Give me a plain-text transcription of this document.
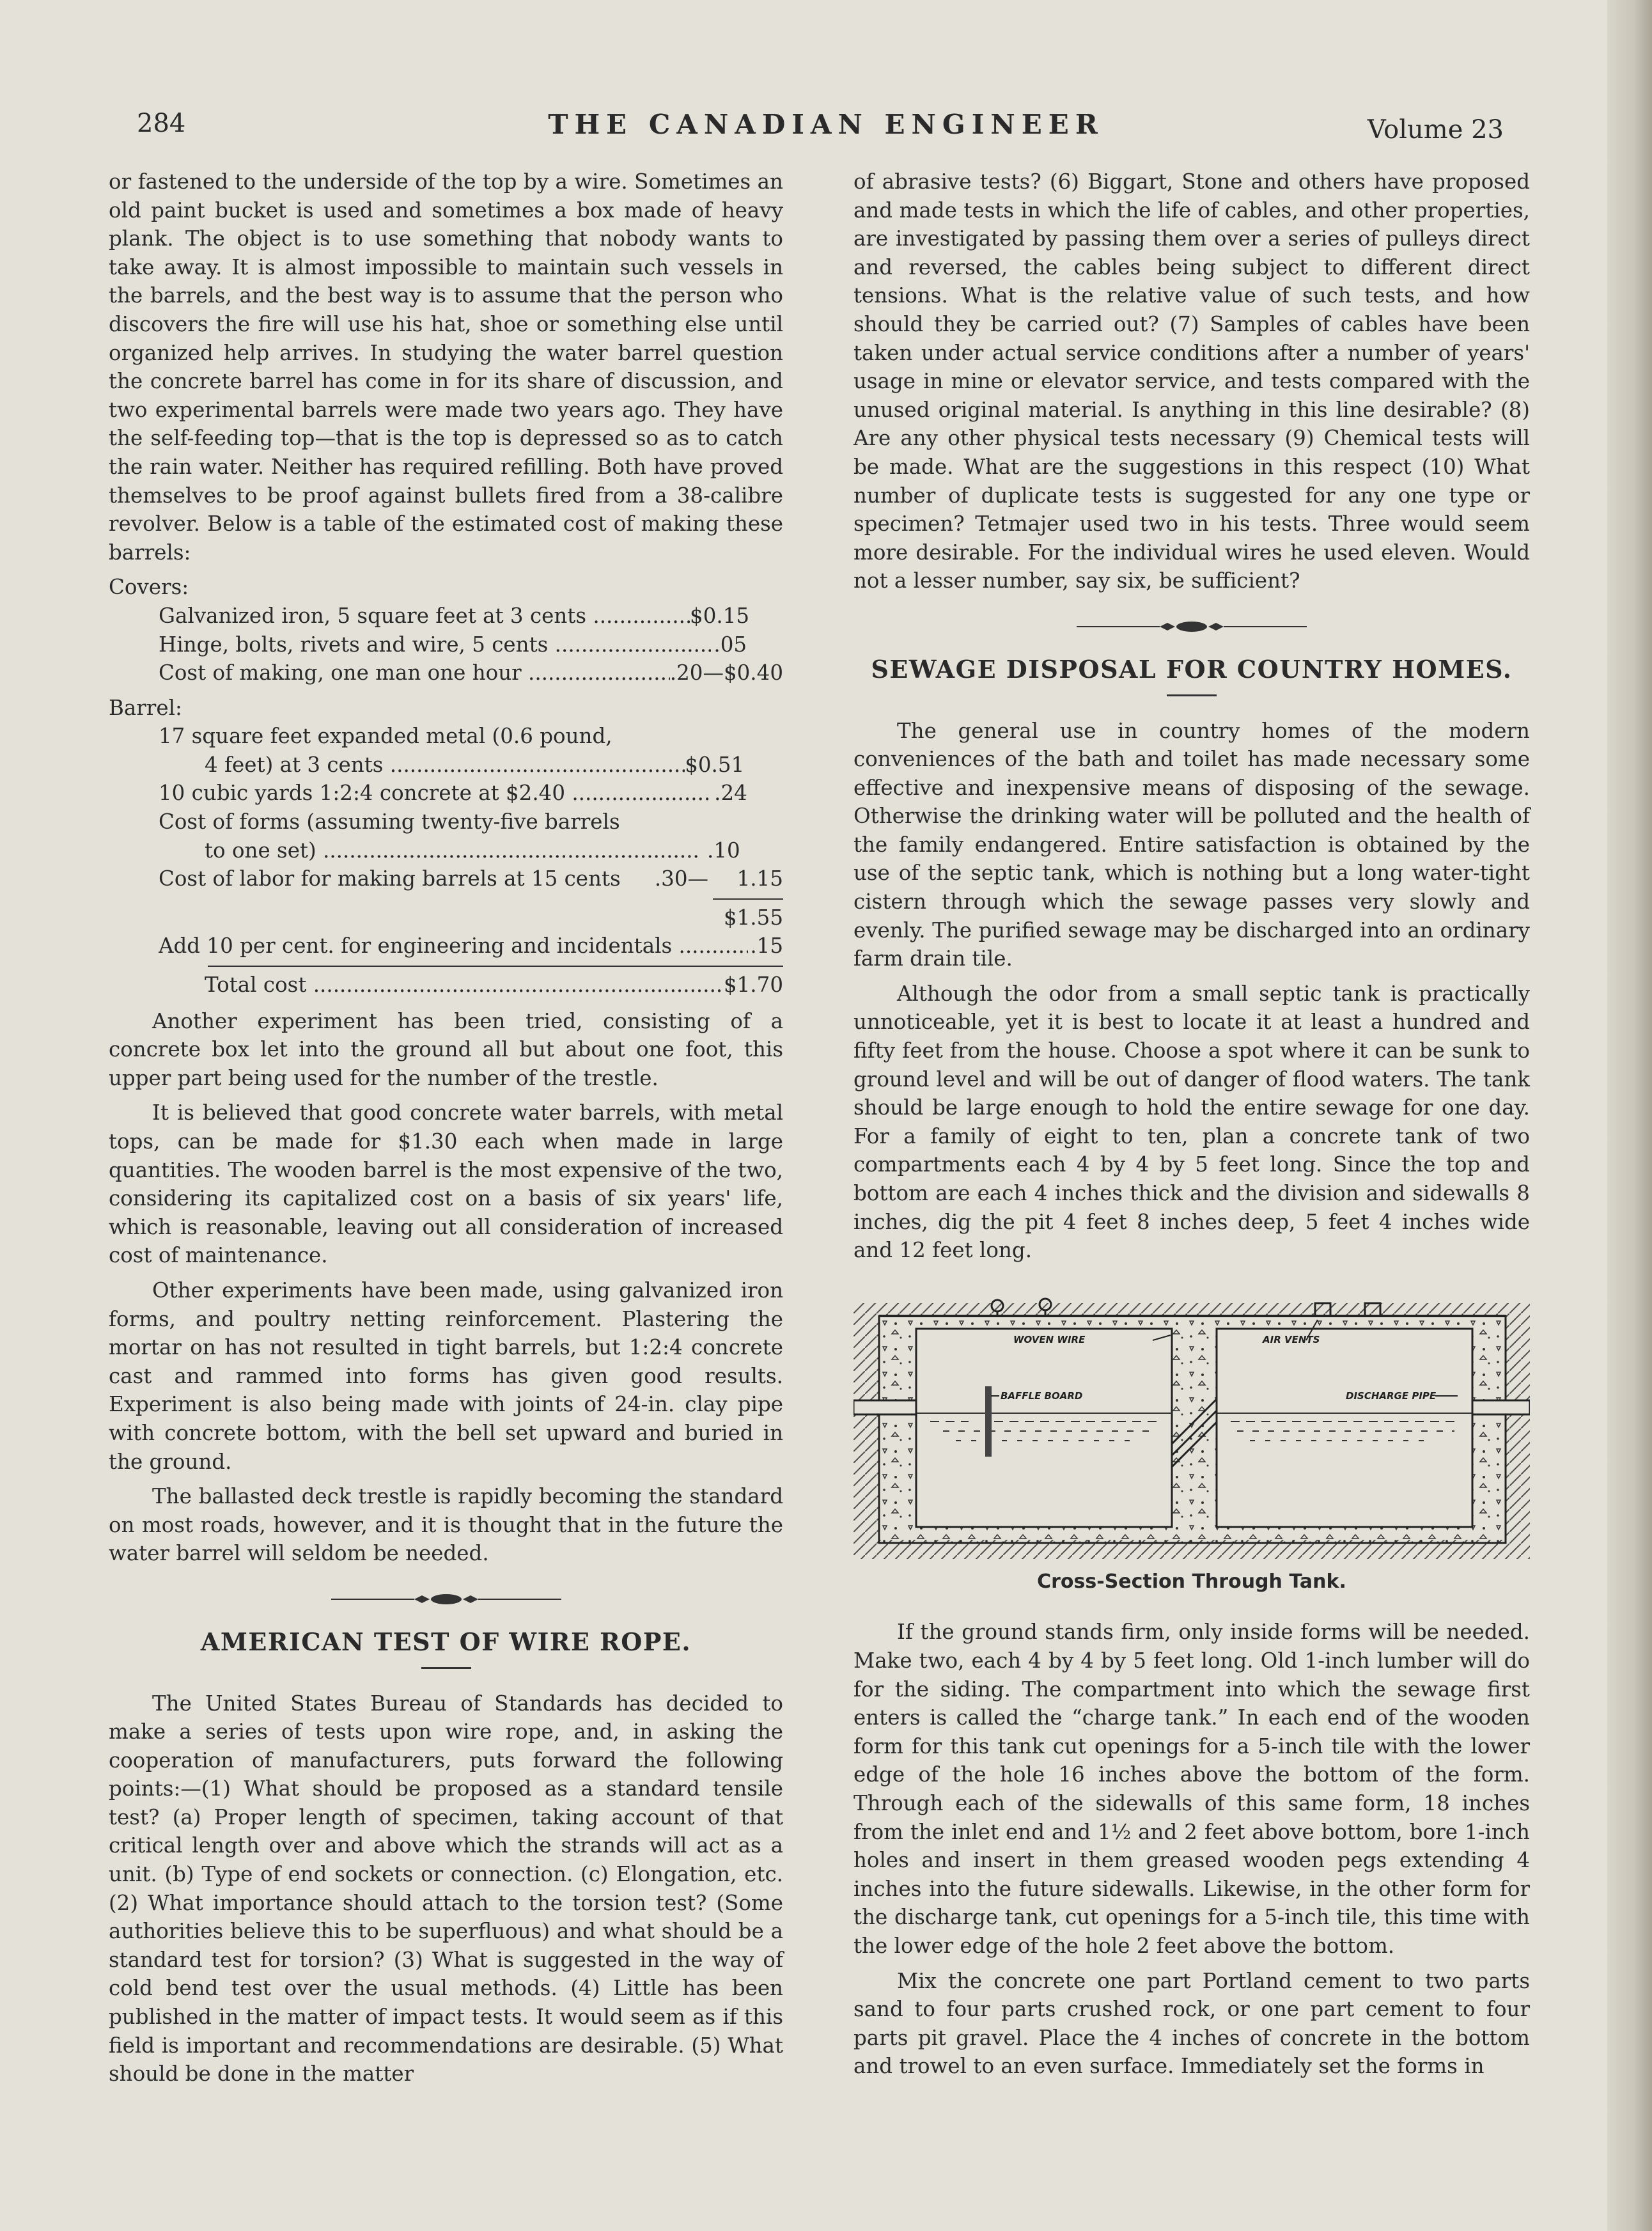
284	THE CANADIAN ENGINEER	Volume 23

or fastened to the underside of the top by a wire. Sometimes an old paint bucket is used and sometimes a box made of heavy plank. The object is to use something that nobody wants to take away. It is almost impossible to maintain such vessels in the barrels, and the best way is to assume that the person who discovers the fire will use his hat, shoe or something else until organized help arrives. In studying the water barrel question the concrete barrel has come in for its share of discussion, and two experimental barrels were made two years ago. They have the self-feeding top—that is the top is depressed so as to catch the rain water. Neither has required refilling. Both have proved themselves to be proof against bullets fired from a 38-calibre revolver. Below is a table of the estimated cost of making these barrels:

Covers:
Galvanized iron, 5 square feet at 3 cents .....	$0.15
Hinge, bolts, rivets and wire, 5 cents .....	.05
Cost of making, one man one hour .....	.20— $0.40
Barrel:
17 square feet expanded metal (0.6 pound,
4 feet) at 3 cents .....	$0.51
10 cubic yards 1:2:4 concrete at $2.40 .....	.24
Cost of forms (assuming twenty-five barrels
to one set) .....	.10
Cost of labor for making barrels at 15 cents	.30—	1.15
$1.55
Add 10 per cent. for engineering and incidentals .....	.15
Total cost .....	$1.70

Another experiment has been tried, consisting of a concrete box let into the ground all but about one foot, this upper part being used for the number of the trestle.

It is believed that good concrete water barrels, with metal tops, can be made for $1.30 each when made in large quantities. The wooden barrel is the most expensive of the two, considering its capitalized cost on a basis of six years' life, which is reasonable, leaving out all consideration of increased cost of maintenance.

Other experiments have been made, using galvanized iron forms, and poultry netting reinforcement. Plastering the mortar on has not resulted in tight barrels, but 1:2:4 concrete cast and rammed into forms has given good results. Experiment is also being made with joints of 24-in. clay pipe with concrete bottom, with the bell set upward and buried in the ground.

The ballasted deck trestle is rapidly becoming the standard on most roads, however, and it is thought that in the future the water barrel will seldom be needed.

AMERICAN TEST OF WIRE ROPE.

The United States Bureau of Standards has decided to make a series of tests upon wire rope, and, in asking the cooperation of manufacturers, puts forward the following points:—(1) What should be proposed as a standard tensile test? (a) Proper length of specimen, taking account of that critical length over and above which the strands will act as a unit. (b) Type of end sockets or connection. (c) Elongation, etc. (2) What importance should attach to the torsion test? (Some authorities believe this to be superfluous) and what should be a standard test for torsion? (3) What is suggested in the way of cold bend test over the usual methods. (4) Little has been published in the matter of impact tests. It would seem as if this field is important and recommendations are desirable. (5) What should be done in the matter

of abrasive tests? (6) Biggart, Stone and others have proposed and made tests in which the life of cables, and other properties, are investigated by passing them over a series of pulleys direct and reversed, the cables being subject to different direct tensions. What is the relative value of such tests, and how should they be carried out? (7) Samples of cables have been taken under actual service conditions after a number of years' usage in mine or elevator service, and tests compared with the unused original material. Is anything in this line desirable? (8) Are any other physical tests necessary (9) Chemical tests will be made. What are the suggestions in this respect (10) What number of duplicate tests is suggested for any one type or specimen? Tetmajer used two in his tests. Three would seem more desirable. For the individual wires he used eleven. Would not a lesser number, say six, be sufficient?

SEWAGE DISPOSAL FOR COUNTRY HOMES.

The general use in country homes of the modern conveniences of the bath and toilet has made necessary some effective and inexpensive means of disposing of the sewage. Otherwise the drinking water will be polluted and the health of the family endangered. Entire satisfaction is obtained by the use of the septic tank, which is nothing but a long water-tight cistern through which the sewage passes very slowly and evenly. The purified sewage may be discharged into an ordinary farm drain tile.

Although the odor from a small septic tank is practically unnoticeable, yet it is best to locate it at least a hundred and fifty feet from the house. Choose a spot where it can be sunk to ground level and will be out of danger of flood waters. The tank should be large enough to hold the entire sewage for one day. For a family of eight to ten, plan a concrete tank of two compartments each 4 by 4 by 5 feet long. Since the top and bottom are each 4 inches thick and the division and sidewalls 8 inches, dig the pit 4 feet 8 inches deep, 5 feet 4 inches wide and 12 feet long.

WOVEN WIRE	AIR VENTS
BAFFLE BOARD	DISCHARGE PIPE
Cross-Section Through Tank.

If the ground stands firm, only inside forms will be needed. Make two, each 4 by 4 by 5 feet long. Old 1-inch lumber will do for the siding. The compartment into which the sewage first enters is called the “charge tank.” In each end of the wooden form for this tank cut openings for a 5-inch tile with the lower edge of the hole 16 inches above the bottom of the form. Through each of the sidewalls of this same form, 18 inches from the inlet end and 1½ and 2 feet above bottom, bore 1-inch holes and insert in them greased wooden pegs extending 4 inches into the future sidewalls. Likewise, in the other form for the discharge tank, cut openings for a 5-inch tile, this time with the lower edge of the hole 2 feet above the bottom.

Mix the concrete one part Portland cement to two parts sand to four parts crushed rock, or one part cement to four parts pit gravel. Place the 4 inches of concrete in the bottom and trowel to an even surface. Immediately set the forms in
